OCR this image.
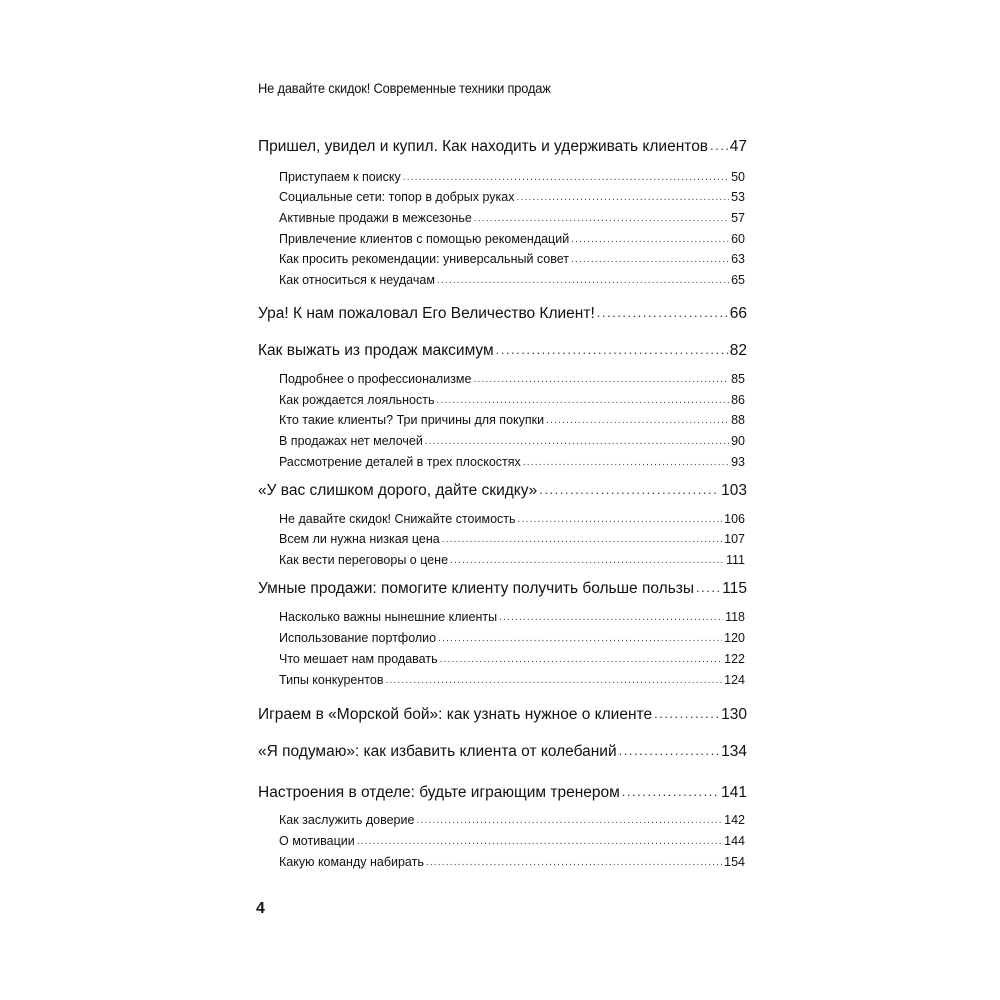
Не давайте скидок! Современные техники продаж
Пришел, увидел и купил. Как находить и удерживать клиентов ..... 47
Приступаем к поиску .....	50
Социальные сети: топор в добрых руках .....	53
Активные продажи в межсезонье .....	57
Привлечение клиентов с помощью рекомендаций .....	60
Как просить рекомендации: универсальный совет .....	63
Как относиться к неудачам .....	65
Ура! К нам пожаловал Его Величество Клиент! .....	66
Как выжать из продаж максимум .....	82
Подробнее о профессионализме .....	85
Как рождается лояльность .....	86
Кто такие клиенты? Три причины для покупки .....	88
В продажах нет мелочей .....	90
Рассмотрение деталей в трех плоскостях .....	93
«У вас слишком дорого, дайте скидку» .....	103
Не давайте скидок! Снижайте стоимость .....	106
Всем ли нужна низкая цена .....	107
Как вести переговоры о цене .....	111
Умные продажи: помогите клиенту получить больше пользы ..... 115
Насколько важны нынешние клиенты .....	118
Использование портфолио .....	120
Что мешает нам продавать .....	122
Типы конкурентов .....	124
Играем в «Морской бой»: как узнать нужное о клиенте .....	130
«Я подумаю»: как избавить клиента от колебаний .....	134
Настроения в отделе: будьте играющим тренером .....	141
Как заслужить доверие .....	142
О мотивации .....	144
Какую команду набирать .....	154
4
